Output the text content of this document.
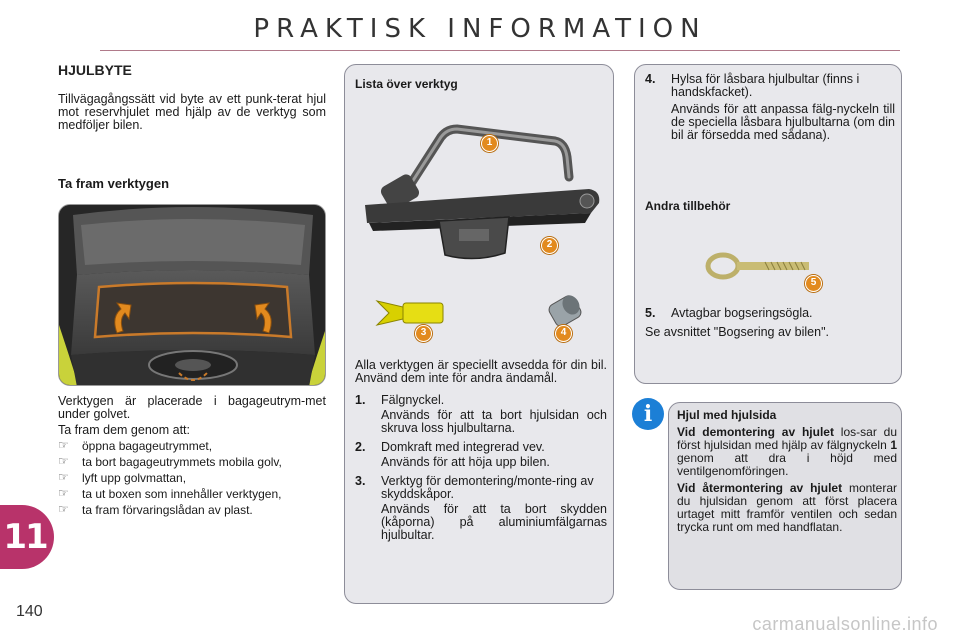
PRAKTISK INFORMATION
11
140
HJULBYTE
Tillvägagångssätt vid byte av ett punk-terat hjul mot reservhjulet med hjälp av de verktyg som medföljer bilen.
Ta fram verktygen

Verktygen är placerade i bagageutrym-met under golvet.

Ta fram dem genom att:

☞ öppna bagageutrymmet,
☞ ta bort bagageutrymmets mobila golv,
☞ lyft upp golvmattan,
☞ ta ut boxen som innehåller verktygen,
☞ ta fram förvaringslådan av plast.
Lista över verktyg
1
2
3	4

Alla verktygen är speciellt avsedda för din bil. Använd dem inte för andra ändamål.

1.	Fälgnyckel.

Används för att ta bort hjulsidan och skruva loss hjulbultarna.

2.	Domkraft med integrerad vev.

Används för att höja upp bilen.

3.	Verktyg för demontering/monte-ring av skyddskåpor.

Används för att ta bort skydden (kåporna) på aluminiumfälgarnas hjulbultar.

4.	Hylsa för låsbara hjulbultar (finns i handskfacket).

Används för att anpassa fälg-nyckeln till de speciella låsbara hjulbultarna (om din bil är försedda med sådana).

Andra tillbehör
5
5.	Avtagbar bogseringsögla.

Se avsnittet "Bogsering av bilen".

i	Hjul med hjulsida

Vid demontering av hjulet los-sar du först hjulsidan med hjälp av fälgnyckeln 1 genom att dra i höjd med ventilgenomföringen.

Vid återmontering av hjulet monterar du hjulsidan genom att först placera urtaget mitt framför ventilen och sedan trycka runt om med handflatan.

carmanualsonline.info
